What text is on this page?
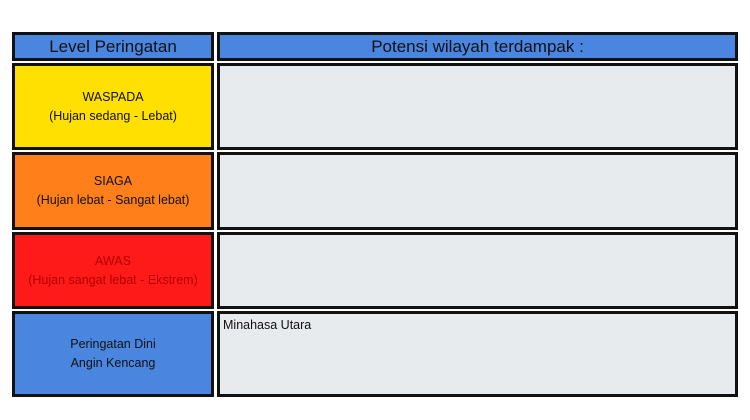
Level Peringatan	Potensi wilayah terdampak :
WASPADA
(Hujan sedang - Lebat)
SIAGA
(Hujan lebat - Sangat lebat)
AWAS
(Hujan sangat lebat - Ekstrem)
Peringatan Dini
Angin Kencang
Minahasa Utara
